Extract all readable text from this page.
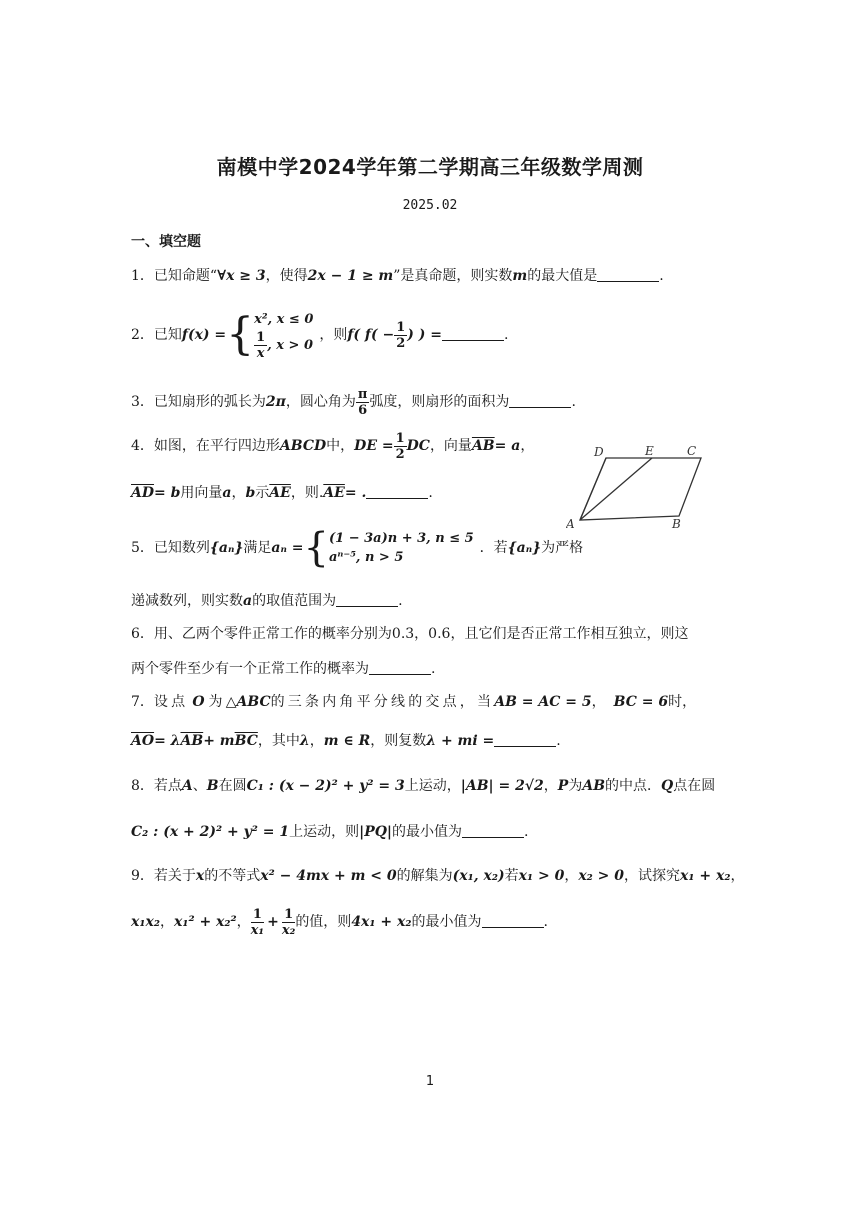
南模中学2024学年第二学期高三年级数学周测
2025.02
一、填空题
1．已知命题“∀x ≥ 3，使得2x − 1 ≥ m”是真命题，则实数m的最大值是	.
2．已知f(x) ={ x², x ≤ 0
$\frac{1}{x}$ , x > 0
，则f( $f( - \frac{1}{2}$ ) ) =	.
3．已知扇形的弧长为2π，圆心角为 $\frac{\pi}{6}$ 弧度，则扇形的面积为	.
4．如图，在平行四边形ABCD中，DE = $\frac{1}{2}$ DC，向量$\overline{AB}= a$，
$\overline{AD}= b$用向量a，b示$\overline{AE}$，则$.\overline{AE}=$ .	.
A	B
C
D	E
5．已知数列{aₙ}满足aₙ ={ (1 − 3a)n + 3, n ≤ 5
aⁿ⁻⁵, n > 5
．若{aₙ}为严格
递减数列，则实数a的取值范围为	.
6．用、乙两个零件正常工作的概率分别为0.3，0.6，且它们是否正常工作相互独立，则这
两个零件至少有一个正常工作的概率为	.
7．设点 O 为△ABC的三条内角平分线的交点，当AB = AC = 5， BC = 6时，
$\overline{AO}= \lambda\overline{AB}+ m\overline{BC}$，其中λ，m ∈ R，则复数λ + mi =	.
8．若点A、B在圆C₁ : (x − 2)² + y² = 3上运动，|AB| = 2√2，P为AB的中点．Q点在圆
C₂ : (x + 2)² + y² = 1上运动，则|PQ|的最小值为	.
9．若关于x的不等式x² − 4mx + m < 0的解集为(x₁, x₂)若x₁ > 0，x₂ > 0，试探究x₁ + x₂，
x₁x₂，x₁² + x₂²， $\frac{1}{\text{x₁}} + \frac{1}{\text{x₂}}$ 的值，则4x₁ + x₂的最小值为	.
1
